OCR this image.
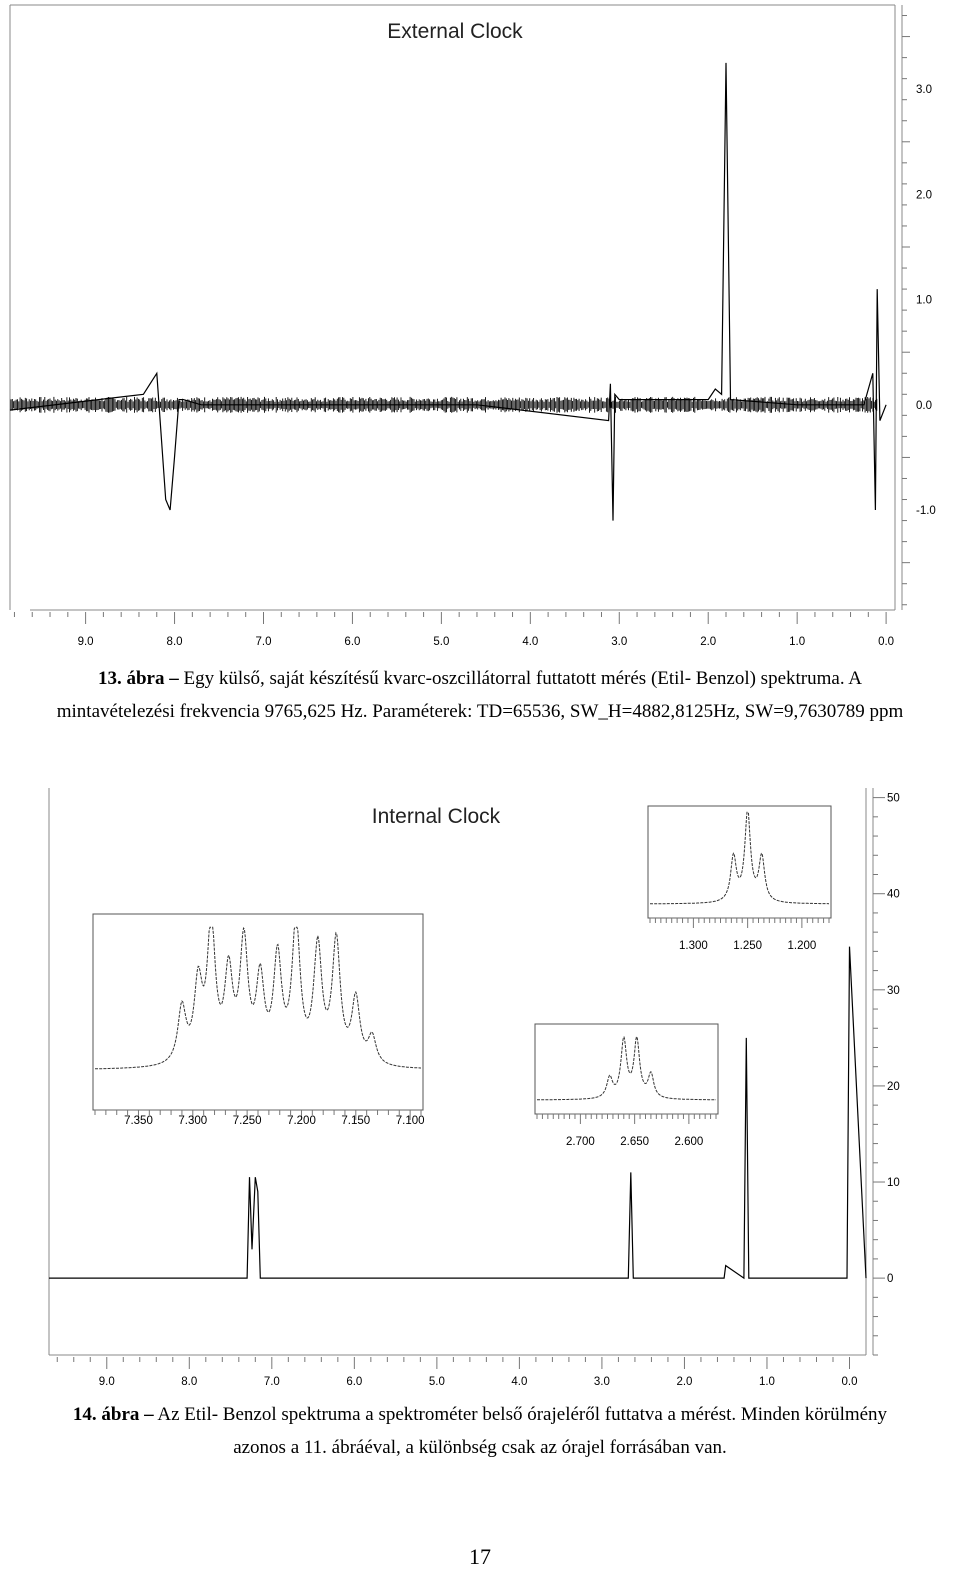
External Clock
9.0	8.0	7.0	6.0	5.0	4.0	3.0	2.0	1.0	0.0
3.0
2.0
1.0
0.0
-1.0
13. ábra – Egy külső, saját készítésű kvarc-oszcillátorral futtatott mérés (Etil- Benzol) spektruma. A
mintavételezési frekvencia 9765,625 Hz. Paraméterek: TD=65536, SW_H=4882,8125Hz, SW=9,7630789 ppm
Internal Clock
9.0	8.0	7.0	6.0	5.0	4.0	3.0	2.0	1.0	0.0
50
40
30
20
10
0
7.350 7.300 7.250 7.200 7.150 7.100
2.700 2.650 2.600
1.300 1.250 1.200
14. ábra – Az Etil- Benzol spektruma a spektrométer belső órajeléről futtatva a mérést. Minden körülmény
azonos a 11. ábráéval, a különbség csak az órajel forrásában van.
17
